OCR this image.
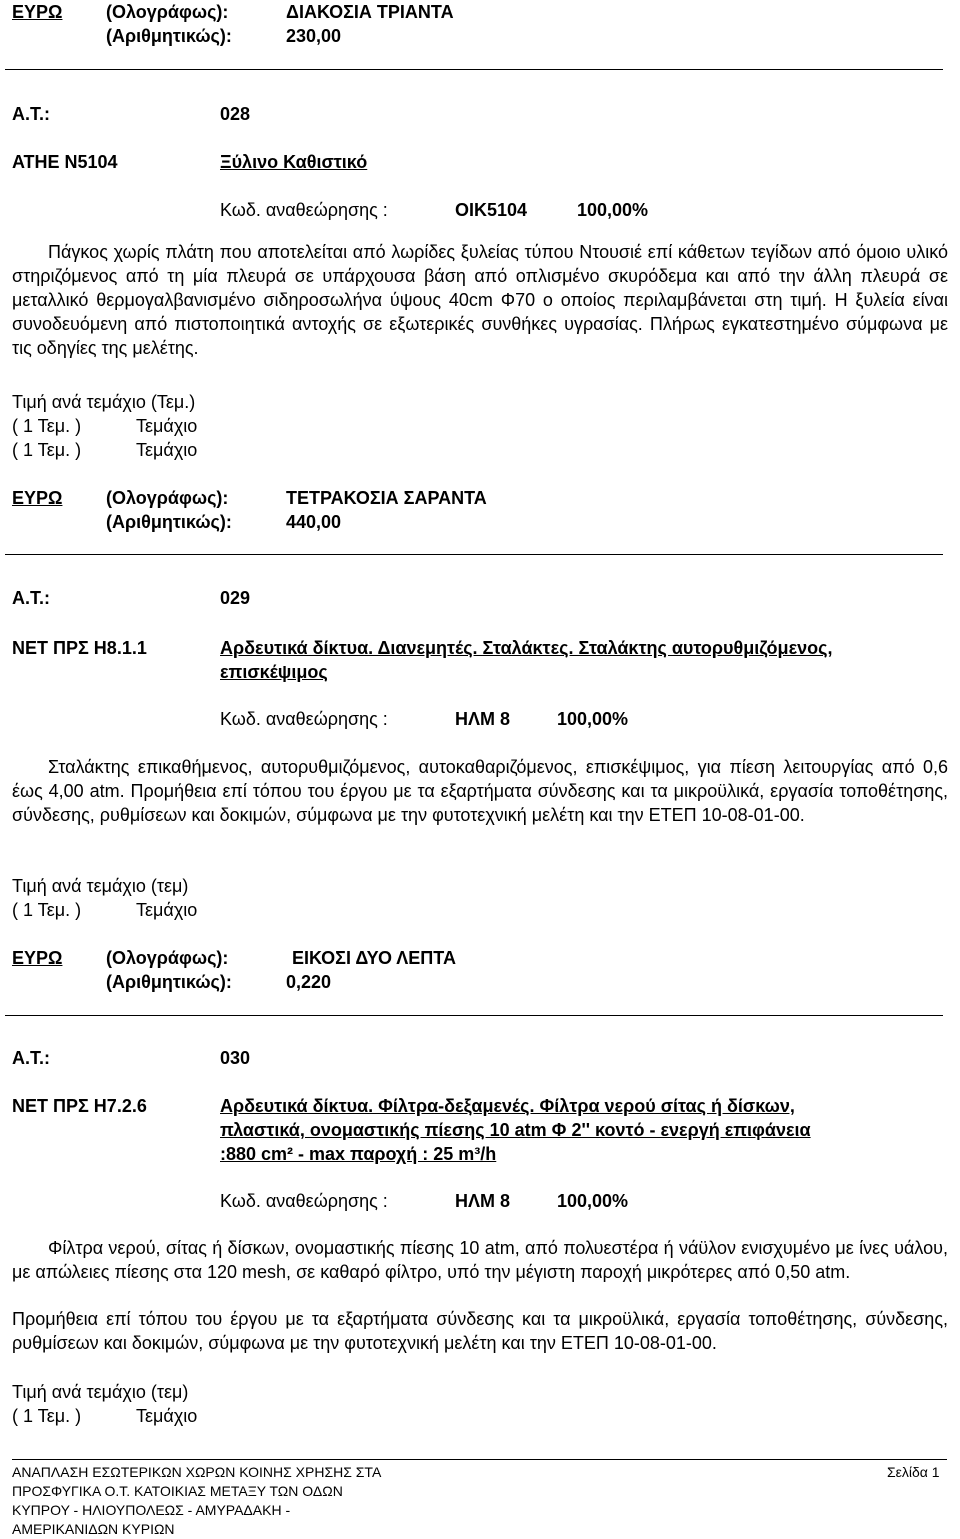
ΕΥΡΩ (Ολογράφως):	ΔΙΑΚΟΣΙΑ ΤΡΙΑΝΤΑ
(Αριθμητικώς):	230,00
Α.Τ.:	028
ΑΤΗΕ Ν5104	Ξύλινο Καθιστικό
Κωδ. αναθεώρησης :	ΟΙΚ5104	100,00%
Πάγκος χωρίς πλάτη που αποτελείται από λωρίδες ξυλείας τύπου Ντουσιέ επί κάθετων τεγίδων από όμοιο υλικό στηριζόμενος από τη μία πλευρά σε υπάρχουσα βάση από οπλισμένο σκυρόδεμα και από την άλλη πλευρά σε μεταλλικό θερμογαλβανισμένο σιδηροσωλήνα ύψους 40cm Φ70 ο οποίος περιλαμβάνεται στη τιμή. Η ξυλεία είναι συνοδευόμενη από πιστοποιητικά αντοχής σε εξωτερικές συνθήκες υγρασίας. Πλήρως εγκατεστημένο σύμφωνα με τις οδηγίες της μελέτης.
Τιμή ανά τεμάχιο (Τεμ.)
( 1 Τεμ. )	Τεμάχιο
( 1 Τεμ. )	Τεμάχιο
ΕΥΡΩ (Ολογράφως):	ΤΕΤΡΑΚΟΣΙΑ ΣΑΡΑΝΤΑ
(Αριθμητικώς):	440,00
Α.Τ.:	029
ΝΕΤ ΠΡΣ Η8.1.1	Αρδευτικά δίκτυα. Διανεμητές. Σταλάκτες. Σταλάκτης αυτορυθμιζόμενος,
επισκέψιμος
Κωδ. αναθεώρησης :	ΗΛΜ 8	100,00%
Σταλάκτης επικαθήμενος, αυτορυθμιζόμενος, αυτοκαθαριζόμενος, επισκέψιμος, για πίεση λειτουργίας από 0,6 έως 4,00 atm. Προμήθεια επί τόπου του έργου με τα εξαρτήματα σύνδεσης και τα μικροϋλικά, εργασία τοποθέτησης, σύνδεσης, ρυθμίσεων και δοκιμών, σύμφωνα με την φυτοτεχνική μελέτη και την ΕΤΕΠ 10-08-01-00.
Τιμή ανά τεμάχιο (τεμ)
( 1 Τεμ. )	Τεμάχιο
ΕΥΡΩ (Ολογράφως):	ΕΙΚΟΣΙ ΔΥΟ ΛΕΠΤΑ
(Αριθμητικώς):	0,220
Α.Τ.:	030
ΝΕΤ ΠΡΣ Η7.2.6	Αρδευτικά δίκτυα. Φίλτρα-δεξαμενές. Φίλτρα νερού σίτας ή δίσκων,
πλαστικά, ονομαστικής πίεσης 10 atm Φ 2'' κοντό - ενεργή επιφάνεια
:880 cm² - max παροχή : 25 m³/h
Κωδ. αναθεώρησης :	ΗΛΜ 8	100,00%
Φίλτρα νερού, σίτας ή δίσκων, ονομαστικής πίεσης 10 atm, από πολυεστέρα ή νάϋλον ενισχυμένο με ίνες υάλου, με απώλειες πίεσης στα 120 mesh, σε καθαρό φίλτρο, υπό την μέγιστη παροχή μικρότερες από 0,50 atm.
Προμήθεια επί τόπου του έργου με τα εξαρτήματα σύνδεσης και τα μικροϋλικά, εργασία τοποθέτησης, σύνδεσης, ρυθμίσεων και δοκιμών, σύμφωνα με την φυτοτεχνική μελέτη και την ΕΤΕΠ 10-08-01-00.
Τιμή ανά τεμάχιο (τεμ)
( 1 Τεμ. )	Τεμάχιο
ΑΝΑΠΛΑΣΗ ΕΣΩΤΕΡΙΚΩΝ ΧΩΡΩΝ ΚΟΙΝΗΣ ΧΡΗΣΗΣ ΣΤΑ
ΠΡΟΣΦΥΓΙΚΑ Ο.Τ. ΚΑΤΟΙΚΙΑΣ ΜΕΤΑΞΥ ΤΩΝ ΟΔΩΝ
ΚΥΠΡΟΥ - ΗΛΙΟΥΠΟΛΕΩΣ - ΑΜΥΡΑΔΑΚΗ -
ΑΜΕΡΙΚΑΝΙΔΩΝ ΚΥΡΙΩΝ
Σελίδα 1
